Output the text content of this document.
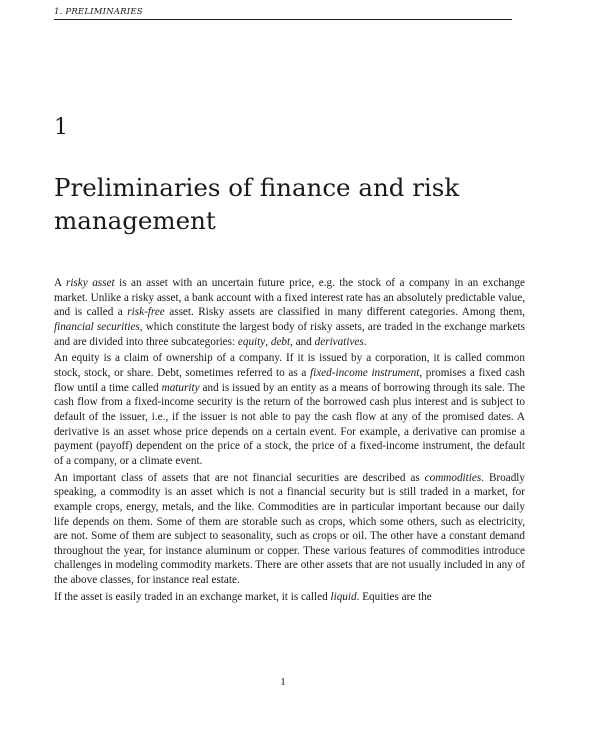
1. PRELIMINARIES
1
Preliminaries of finance and risk management

A risky asset is an asset with an uncertain future price, e.g. the stock of a company in an exchange market. Unlike a risky asset, a bank account with a fixed interest rate has an absolutely predictable value, and is called a risk-free asset. Risky assets are classified in many different categories. Among them, financial securities, which constitute the largest body of risky assets, are traded in the exchange markets and are divided into three subcategories: equity, debt, and derivatives.

An equity is a claim of ownership of a company. If it is issued by a corporation, it is called common stock, stock, or share. Debt, sometimes referred to as a fixed-income instrument, promises a fixed cash flow until a time called maturity and is issued by an entity as a means of borrowing through its sale. The cash flow from a fixed-income security is the return of the borrowed cash plus interest and is subject to default of the issuer, i.e., if the issuer is not able to pay the cash flow at any of the promised dates. A derivative is an asset whose price depends on a certain event. For example, a derivative can promise a payment (payoff) dependent on the price of a stock, the price of a fixed-income instrument, the default of a company, or a climate event.

An important class of assets that are not financial securities are described as commodities. Broadly speaking, a commodity is an asset which is not a financial security but is still traded in a market, for example crops, energy, metals, and the like. Commodities are in particular important because our daily life depends on them. Some of them are storable such as crops, which some others, such as electricity, are not. Some of them are subject to seasonality, such as crops or oil. The other have a constant demand throughout the year, for instance aluminum or copper. These various features of commodities introduce challenges in modeling commodity markets. There are other assets that are not usually included in any of the above classes, for instance real estate.

If the asset is easily traded in an exchange market, it is called liquid. Equities are the

1
